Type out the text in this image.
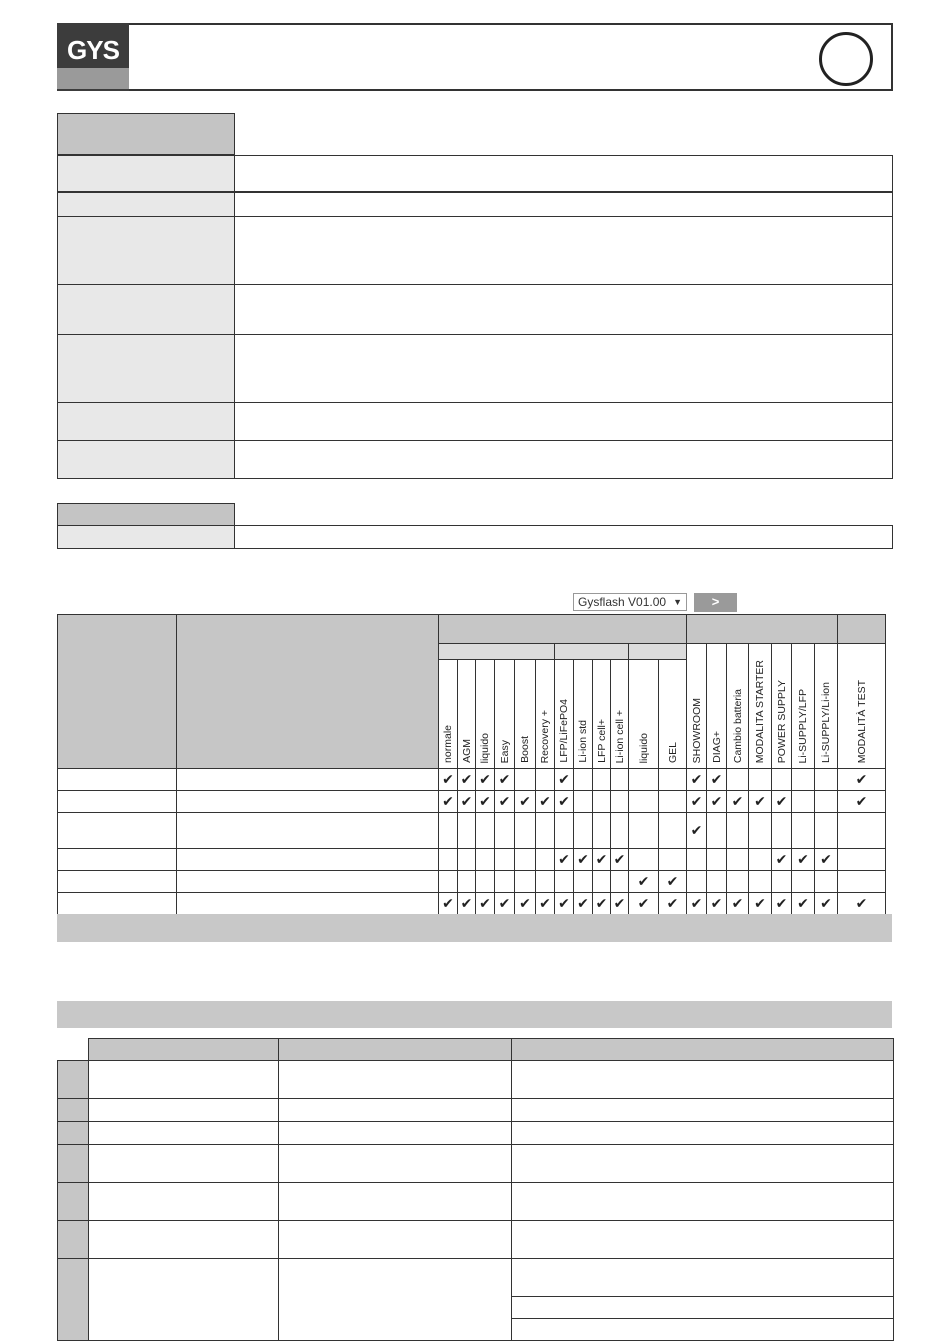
GYS
Gysflash V01.00 ▼	>

														SHOWROOM	DIAG+	Cambio batteria	MODALITA STARTER	POWER SUPPLY	Li-SUPPLY/LFP	Li-SUPPLY/Li-ion	MODALITÀ TEST
		normale	AGM	liquido	Easy	Boost	Recovery +	LFP/LiFePO4	Li-ion std	LFP cell+	Li-ion cell +	liquido	GEL								
		✔	✔	✔	✔			✔						✔	✔						✔
		✔	✔	✔	✔	✔	✔	✔						✔	✔	✔	✔	✔			✔
														✔							
								✔	✔	✔	✔							✔	✔	✔	
												✔	✔								
		✔	✔	✔	✔	✔	✔	✔	✔	✔	✔	✔	✔	✔	✔	✔	✔	✔	✔	✔	✔
